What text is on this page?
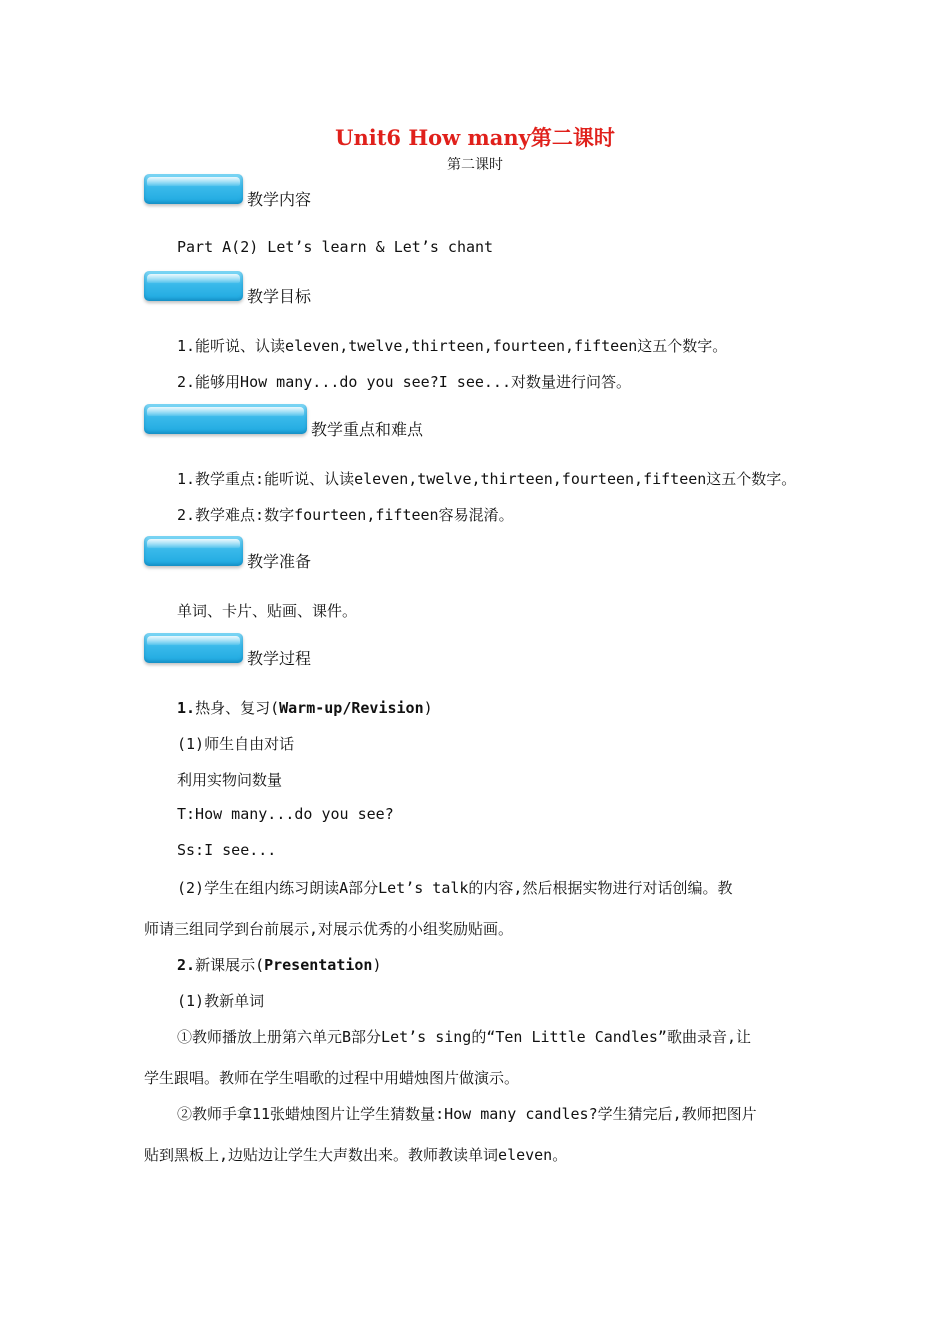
Unit6 How many第二课时
第二课时
教学内容
Part A(2) Let’s learn & Let’s chant
教学目标
1.能听说、认读eleven,twelve,thirteen,fourteen,fifteen这五个数字。
2.能够用How many...do you see?I see...对数量进行问答。
教学重点和难点
1.教学重点:能听说、认读eleven,twelve,thirteen,fourteen,fifteen这五个数字。
2.教学难点:数字fourteen,fifteen容易混淆。
教学准备
单词、卡片、贴画、课件。
教学过程
1.热身、复习(Warm-up/Revision)
(1)师生自由对话
利用实物问数量
T:How many...do you see?
Ss:I see...
(2)学生在组内练习朗读A部分Let’s talk的内容,然后根据实物进行对话创编。教
师请三组同学到台前展示,对展示优秀的小组奖励贴画。
2.新课展示(Presentation)
(1)教新单词
①教师播放上册第六单元B部分Let’s sing的“Ten Little Candles”歌曲录音,让
学生跟唱。教师在学生唱歌的过程中用蜡烛图片做演示。
②教师手拿11张蜡烛图片让学生猜数量:How many candles?学生猜完后,教师把图片
贴到黑板上,边贴边让学生大声数出来。教师教读单词eleven。
